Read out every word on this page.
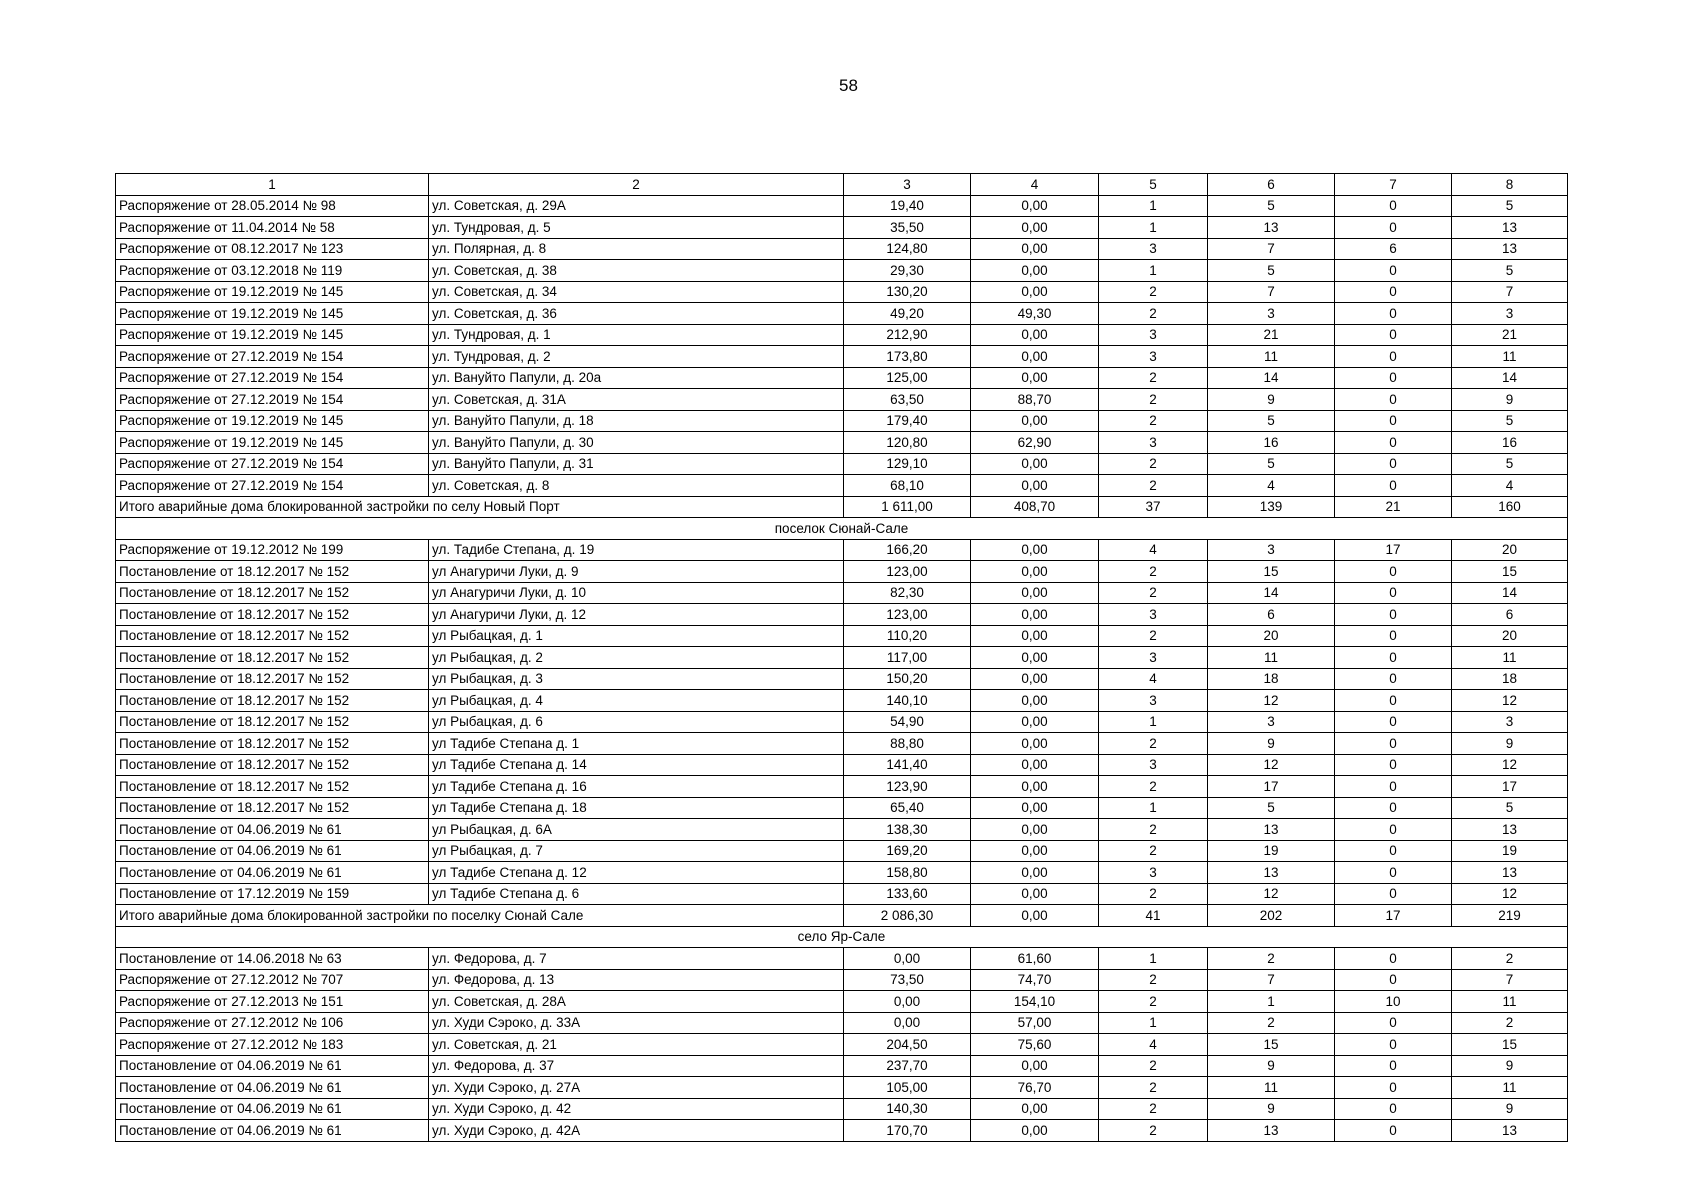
58
1	2	3	4	5	6	7	8
Распоряжение от 28.05.2014 № 98	ул. Советская, д. 29А	19,40	0,00	1	5	0	5
Распоряжение от 11.04.2014 № 58	ул. Тундровая, д. 5	35,50	0,00	1	13	0	13
Распоряжение от 08.12.2017 № 123	ул. Полярная, д. 8	124,80	0,00	3	7	6	13
Распоряжение от 03.12.2018 № 119	ул. Советская, д. 38	29,30	0,00	1	5	0	5
Распоряжение от 19.12.2019 № 145	ул. Советская, д. 34	130,20	0,00	2	7	0	7
Распоряжение от 19.12.2019 № 145	ул. Советская, д. 36	49,20	49,30	2	3	0	3
Распоряжение от 19.12.2019 № 145	ул. Тундровая, д. 1	212,90	0,00	3	21	0	21
Распоряжение от 27.12.2019 № 154	ул. Тундровая, д. 2	173,80	0,00	3	11	0	11
Распоряжение от 27.12.2019 № 154	ул. Вануйто Папули, д. 20а	125,00	0,00	2	14	0	14
Распоряжение от 27.12.2019 № 154	ул. Советская, д. 31А	63,50	88,70	2	9	0	9
Распоряжение от 19.12.2019 № 145	ул. Вануйто Папули, д. 18	179,40	0,00	2	5	0	5
Распоряжение от 19.12.2019 № 145	ул. Вануйто Папули, д. 30	120,80	62,90	3	16	0	16
Распоряжение от 27.12.2019 № 154	ул. Вануйто Папули, д. 31	129,10	0,00	2	5	0	5
Распоряжение от 27.12.2019 № 154	ул. Советская, д. 8	68,10	0,00	2	4	0	4
Итого аварийные дома блокированной застройки по селу Новый Порт		1 611,00	408,70	37	139	21	160
поселок Сюнай-Сале							
Распоряжение от 19.12.2012 № 199	ул. Тадибе Степана, д. 19	166,20	0,00	4	3	17	20
Постановление от 18.12.2017 № 152	ул Анагуричи Луки, д. 9	123,00	0,00	2	15	0	15
Постановление от 18.12.2017 № 152	ул Анагуричи Луки, д. 10	82,30	0,00	2	14	0	14
Постановление от 18.12.2017 № 152	ул Анагуричи Луки, д. 12	123,00	0,00	3	6	0	6
Постановление от 18.12.2017 № 152	ул Рыбацкая, д. 1	110,20	0,00	2	20	0	20
Постановление от 18.12.2017 № 152	ул Рыбацкая, д. 2	117,00	0,00	3	11	0	11
Постановление от 18.12.2017 № 152	ул Рыбацкая, д. 3	150,20	0,00	4	18	0	18
Постановление от 18.12.2017 № 152	ул Рыбацкая, д. 4	140,10	0,00	3	12	0	12
Постановление от 18.12.2017 № 152	ул Рыбацкая, д. 6	54,90	0,00	1	3	0	3
Постановление от 18.12.2017 № 152	ул Тадибе Степана д. 1	88,80	0,00	2	9	0	9
Постановление от 18.12.2017 № 152	ул Тадибе Степана д. 14	141,40	0,00	3	12	0	12
Постановление от 18.12.2017 № 152	ул Тадибе Степана д. 16	123,90	0,00	2	17	0	17
Постановление от 18.12.2017 № 152	ул Тадибе Степана д. 18	65,40	0,00	1	5	0	5
Постановление от 04.06.2019 № 61	ул Рыбацкая, д. 6А	138,30	0,00	2	13	0	13
Постановление от 04.06.2019 № 61	ул Рыбацкая, д. 7	169,20	0,00	2	19	0	19
Постановление от 04.06.2019 № 61	ул Тадибе Степана д. 12	158,80	0,00	3	13	0	13
Постановление от 17.12.2019 № 159	ул Тадибе Степана д. 6	133,60	0,00	2	12	0	12
Итого аварийные дома блокированной застройки по поселку Сюнай Сале		2 086,30	0,00	41	202	17	219
село Яр-Сале							
Постановление от 14.06.2018 № 63	ул. Федорова, д. 7	0,00	61,60	1	2	0	2
Распоряжение от 27.12.2012 № 707	ул. Федорова, д. 13	73,50	74,70	2	7	0	7
Распоряжение от 27.12.2013 № 151	ул. Советская, д. 28А	0,00	154,10	2	1	10	11
Распоряжение от 27.12.2012 № 106	ул. Худи Сэроко, д. 33А	0,00	57,00	1	2	0	2
Распоряжение от 27.12.2012 № 183	ул. Советская, д. 21	204,50	75,60	4	15	0	15
Постановление от 04.06.2019 № 61	ул. Федорова, д. 37	237,70	0,00	2	9	0	9
Постановление от 04.06.2019 № 61	ул. Худи Сэроко, д. 27А	105,00	76,70	2	11	0	11
Постановление от 04.06.2019 № 61	ул. Худи Сэроко, д. 42	140,30	0,00	2	9	0	9
Постановление от 04.06.2019 № 61	ул. Худи Сэроко, д. 42А	170,70	0,00	2	13	0	13
